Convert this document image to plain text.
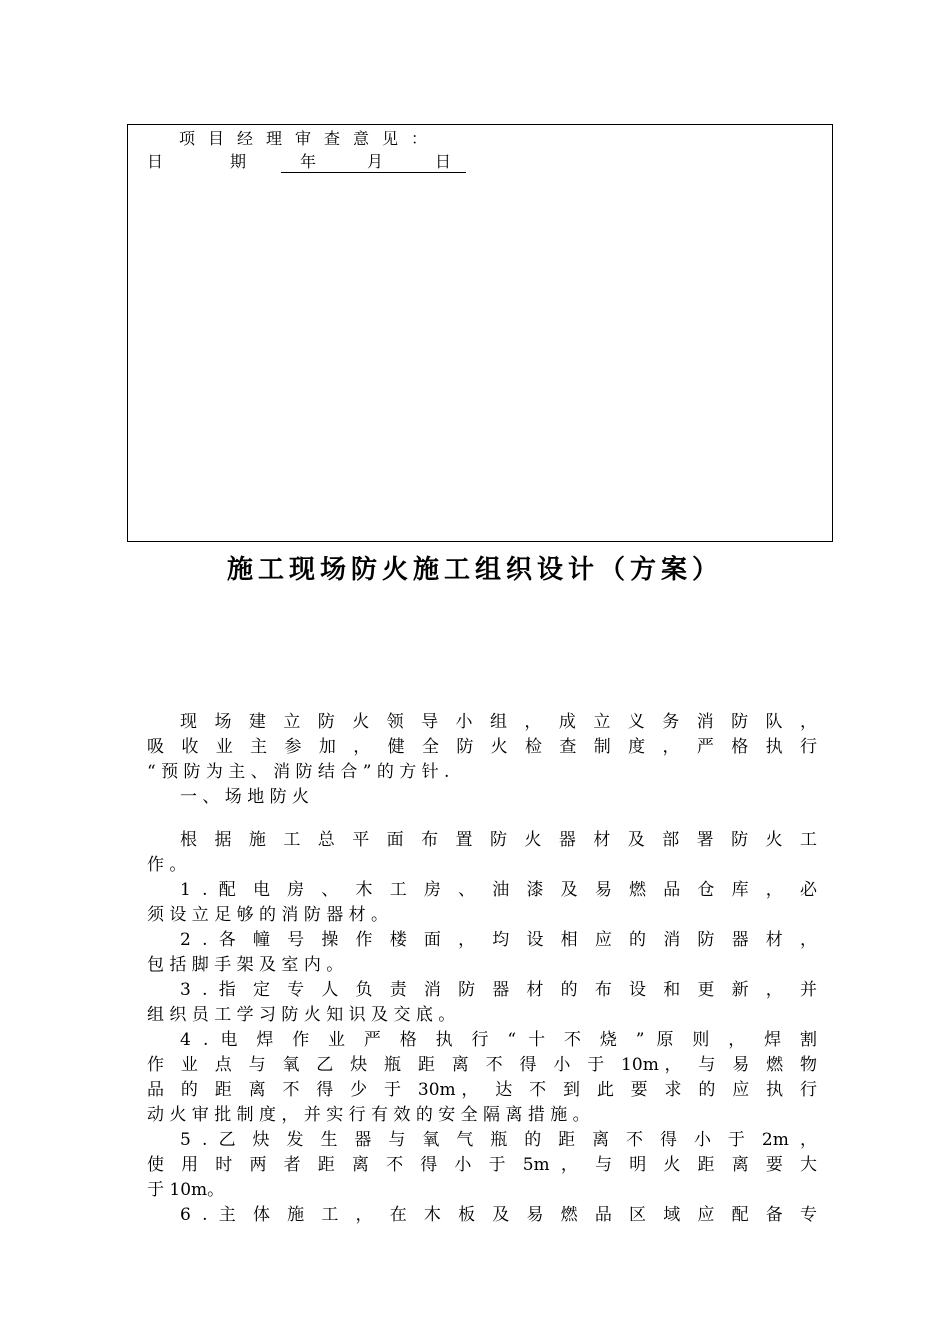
项目经理审查意见：
日	期	年	月	日
施工现场防火施工组织设计（方案）
现 场 建 立 防 火 领 导 小 组 ， 成 立 义 务 消 防 队 ，
吸 收 业 主 参 加 ， 健 全 防 火 检 查 制 度 ， 严 格 执 行
“ 预 防 为 主 、 消 防 结 合 ” 的 方 针 .
一 、 场 地 防 火
根 据 施 工 总 平 面 布 置 防 火 器 材 及 部 署 防 火 工
作 。
1 . 配 电 房 、 木 工 房 、 油 漆 及 易 燃 品 仓 库 ， 必
须 设 立 足 够 的 消 防 器 材 。
2 . 各 幢 号 操 作 楼 面 ， 均 设 相 应 的 消 防 器 材 ，
包 括 脚 手 架 及 室 内 。
3 . 指 定 专 人 负 责 消 防 器 材 的 布 设 和 更 新 ， 并
组 织 员 工 学 习 防 火 知 识 及 交 底 。
4 . 电 焊 作 业 严 格 执 行 “ 十 不 烧 ” 原 则 ， 焊 割
作 业 点 与 氧 乙 炔 瓶 距 离 不 得 小 于 10m， 与 易 燃 物
品 的 距 离 不 得 少 于 30m， 达 不 到 此 要 求 的 应 执 行
动 火 审 批 制 度 ， 并 实 行 有 效 的 安 全 隔 离 措 施 。
5 . 乙 炔 发 生 器 与 氧 气 瓶 的 距 离 不 得 小 于 2m ，
使 用 时 两 者 距 离 不 得 小 于 5m ， 与 明 火 距 离 要 大
于 10m。
6 . 主 体 施 工 ， 在 木 板 及 易 燃 品 区 域 应 配 备 专
